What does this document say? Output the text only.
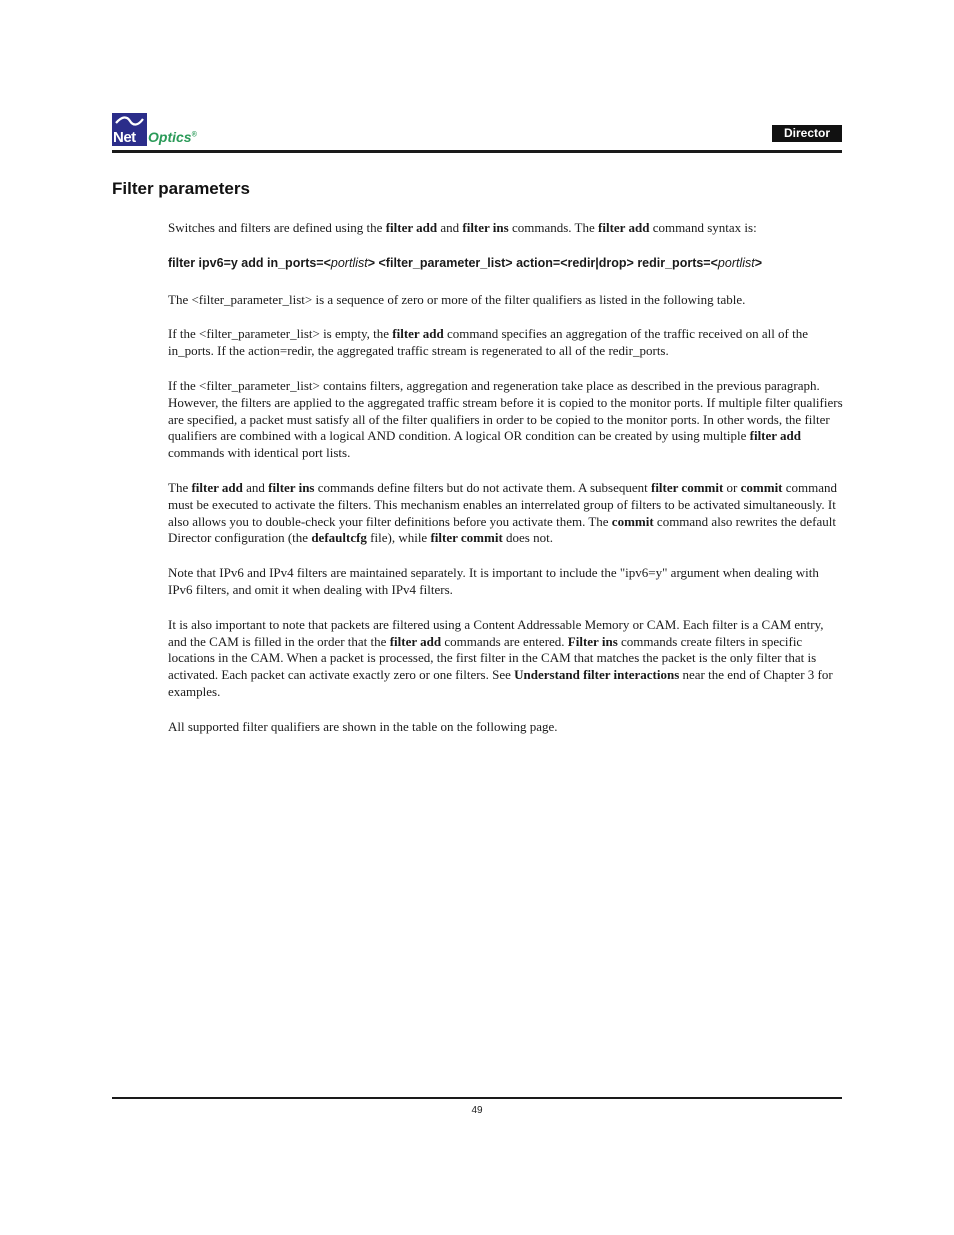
Net Optics®	Director
Filter parameters

Switches and filters are defined using the filter add and filter ins commands. The filter add command syntax is:

filter ipv6=y add in_ports=<portlist> <filter_parameter_list> action=<redir|drop> redir_ports=<portlist>

The <filter_parameter_list> is a sequence of zero or more of the filter qualifiers as listed in the following table.

If the <filter_parameter_list> is empty, the filter add command specifies an aggregation of the traffic received on all of the in_ports. If the action=redir, the aggregated traffic stream is regenerated to all of the redir_ports.

If the <filter_parameter_list> contains filters, aggregation and regeneration take place as described in the previous paragraph. However, the filters are applied to the aggregated traffic stream before it is copied to the monitor ports. If multiple filter qualifiers are specified, a packet must satisfy all of the filter qualifiers in order to be copied to the monitor ports. In other words, the filter qualifiers are combined with a logical AND condition. A logical OR condition can be created by using multiple filter add commands with identical port lists.

The filter add and filter ins commands define filters but do not activate them. A subsequent filter commit or commit command must be executed to activate the filters. This mechanism enables an interrelated group of filters to be activated simultaneously. It also allows you to double-check your filter definitions before you activate them. The commit command also rewrites the default Director configuration (the defaultcfg file), while filter commit does not.

Note that IPv6 and IPv4 filters are maintained separately. It is important to include the "ipv6=y" argument when dealing with IPv6 filters, and omit it when dealing with IPv4 filters.

It is also important to note that packets are filtered using a Content Addressable Memory or CAM. Each filter is a CAM entry, and the CAM is filled in the order that the filter add commands are entered. Filter ins commands create filters in specific locations in the CAM. When a packet is processed, the first filter in the CAM that matches the packet is the only filter that is activated. Each packet can activate exactly zero or one filters. See Understand filter interactions near the end of Chapter 3 for examples.

All supported filter qualifiers are shown in the table on the following page.

49
